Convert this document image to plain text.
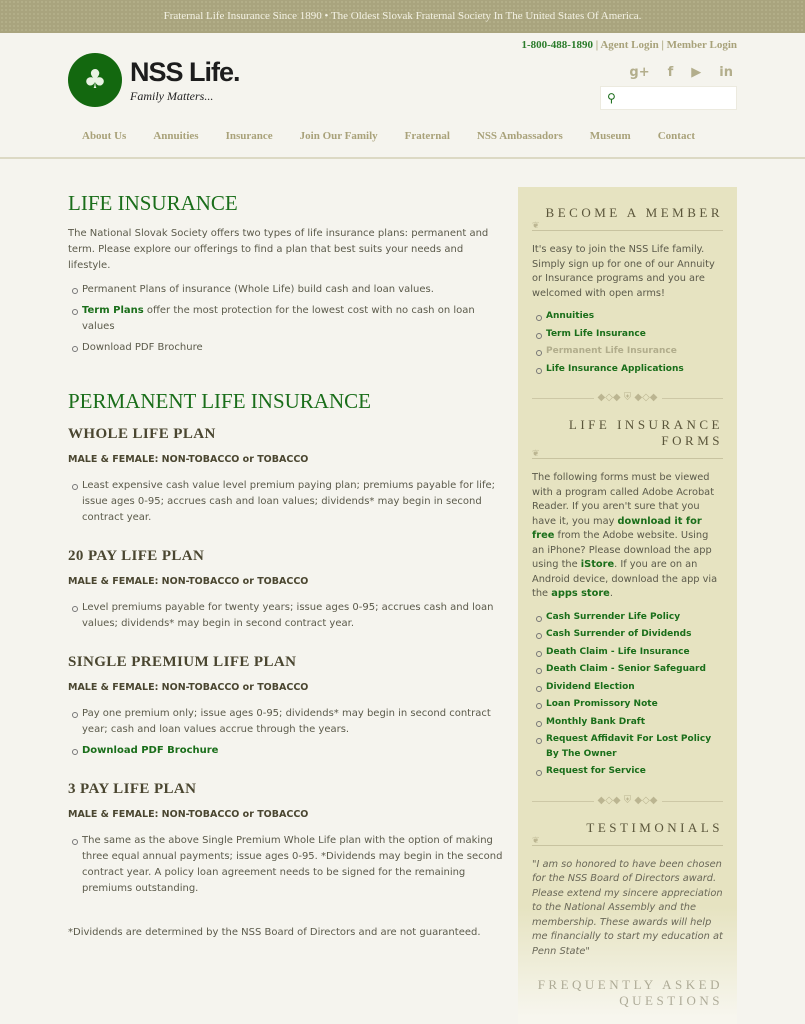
Fraternal Life Insurance Since 1890 • The Oldest Slovak Fraternal Society In The United States Of America.
♣ NSS Life.
Family Matters...
1-800-488-1890 | Agent Login | Member Login
g+ f ▶ in
⚲
About Us Annuities Insurance Join Our Family Fraternal NSS Ambassadors Museum Contact
LIFE INSURANCE

The National Slovak Society offers two types of life insurance plans: permanent and term. Please explore our offerings to find a plan that best suits your needs and lifestyle.

Permanent Plans of insurance (Whole Life) build cash and loan values.
Term Plans offer the most protection for the lowest cost with no cash on loan values
Download PDF Brochure
PERMANENT LIFE INSURANCE
WHOLE LIFE PLAN
MALE & FEMALE: NON-TOBACCO or TOBACCO
Least expensive cash value level premium paying plan; premiums payable for life; issue ages 0-95; accrues cash and loan values; dividends* may begin in second contract year.
20 PAY LIFE PLAN
MALE & FEMALE: NON-TOBACCO or TOBACCO
Level premiums payable for twenty years; issue ages 0-95; accrues cash and loan values; dividends* may begin in second contract year.
SINGLE PREMIUM LIFE PLAN
MALE & FEMALE: NON-TOBACCO or TOBACCO
Pay one premium only; issue ages 0-95; dividends* may begin in second contract year; cash and loan values accrue through the years.
Download PDF Brochure
3 PAY LIFE PLAN
MALE & FEMALE: NON-TOBACCO or TOBACCO
The same as the above Single Premium Whole Life plan with the option of making three equal annual payments; issue ages 0-95. *Dividends may begin in the second contract year. A policy loan agreement needs to be signed for the remaining premiums outstanding.

*Dividends are determined by the NSS Board of Directors and are not guaranteed.

BECOME A MEMBER
❦

It's easy to join the NSS Life family. Simply sign up for one of our Annuity or Insurance programs and you are welcomed with open arms!

Annuities
Term Life Insurance
Permanent Life Insurance
Life Insurance Applications
◆◇◆ ⛨ ◆◇◆
LIFE INSURANCE FORMS
❦

The following forms must be viewed with a program called Adobe Acrobat Reader. If you aren't sure that you have it, you may download it for free from the Adobe website. Using an iPhone? Please download the app using the iStore. If you are on an Android device, download the app via the apps store.

Cash Surrender Life Policy
Cash Surrender of Dividends
Death Claim - Life Insurance
Death Claim - Senior Safeguard
Dividend Election
Loan Promissory Note
Monthly Bank Draft
Request Affidavit For Lost Policy By The Owner
Request for Service
◆◇◆ ⛨ ◆◇◆
TESTIMONIALS
❦

"I am so honored to have been chosen for the NSS Board of Directors award. Please extend my sincere appreciation to the National Assembly and the membership. These awards will help me financially to start my education at Penn State"

FREQUENTLY ASKED QUESTIONS
